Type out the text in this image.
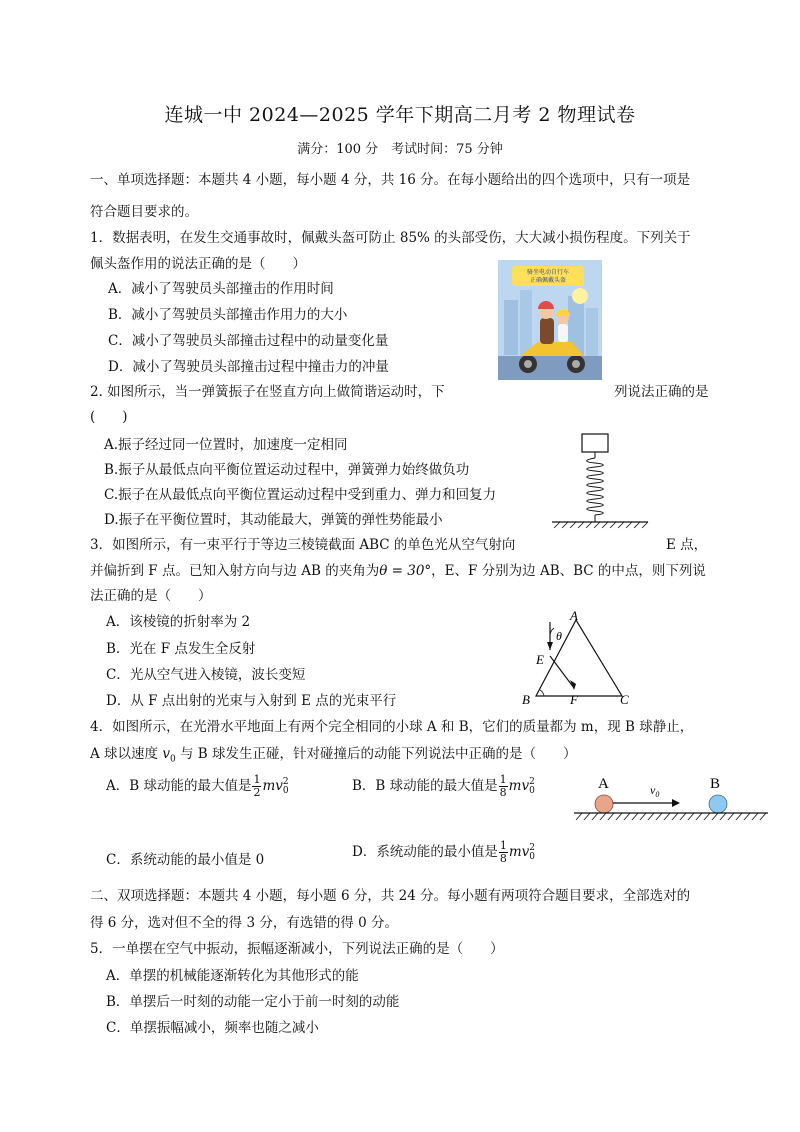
连城一中 2024—2025 学年下期高二月考 2 物理试卷
满分：100 分　考试时间：75 分钟
一、单项选择题：本题共 4 小题，每小题 4 分，共 16 分。在每小题给出的四个选项中，只有一项是
符合题目要求的。
1．数据表明，在发生交通事故时，佩戴头盔可防止 85% 的头部受伤，大大减小损伤程度。下列关于
佩头盔作用的说法正确的是（　　）
A．减小了驾驶员头部撞击的作用时间
B．减小了驾驶员头部撞击作用力的大小
C．减小了驾驶员头部撞击过程中的动量变化量
D．减小了驾驶员头部撞击过程中撞击力的冲量
骑坐电动自行车
正确佩戴头盔
2. 如图所示，当一弹簧振子在竖直方向上做简谐运动时，下	列说法正确的是
(　　)
A.振子经过同一位置时，加速度一定相同
B.振子从最低点向平衡位置运动过程中，弹簧弹力始终做负功
C.振子在从最低点向平衡位置运动过程中受到重力、弹力和回复力
D.振子在平衡位置时，其动能最大，弹簧的弹性势能最小
3．如图所示，有一束平行于等边三棱镜截面 ABC 的单色光从空气射向	E 点，
并偏折到 F 点。已知入射方向与边 AB 的夹角为θ = 30°，E、F 分别为边 AB、BC 的中点，则下列说
法正确的是（　　）
A．该棱镜的折射率为 2
B．光在 F 点发生全反射
C．光从空气进入棱镜，波长变短
D．从 F 点出射的光束与入射到 E 点的光束平行
A
θ
E
B	F	C
4．如图所示，在光滑水平地面上有两个完全相同的小球 A 和 B，它们的质量都为 m，现 B 球静止，
A 球以速度 $v_0$ 与 B 球发生正碰，针对碰撞后的动能下列说法中正确的是（　　）
A．B 球动能的最大值是 $\frac{1}{2}$ mv 2
0	B．B 球动能的最大值是 $\frac{1}{8}$ mv 2
0
C．系统动能的最小值是 0	D．系统动能的最小值是 $\frac{1}{8}$ mv 2
0
A	B
$v_0$
二、双项选择题：本题共 4 小题，每小题 6 分，共 24 分。每小题有两项符合题目要求，全部选对的
得 6 分，选对但不全的得 3 分，有选错的得 0 分。
5．一单摆在空气中振动，振幅逐渐减小，下列说法正确的是（　　）
A．单摆的机械能逐渐转化为其他形式的能
B．单摆后一时刻的动能一定小于前一时刻的动能
C．单摆振幅减小，频率也随之减小
